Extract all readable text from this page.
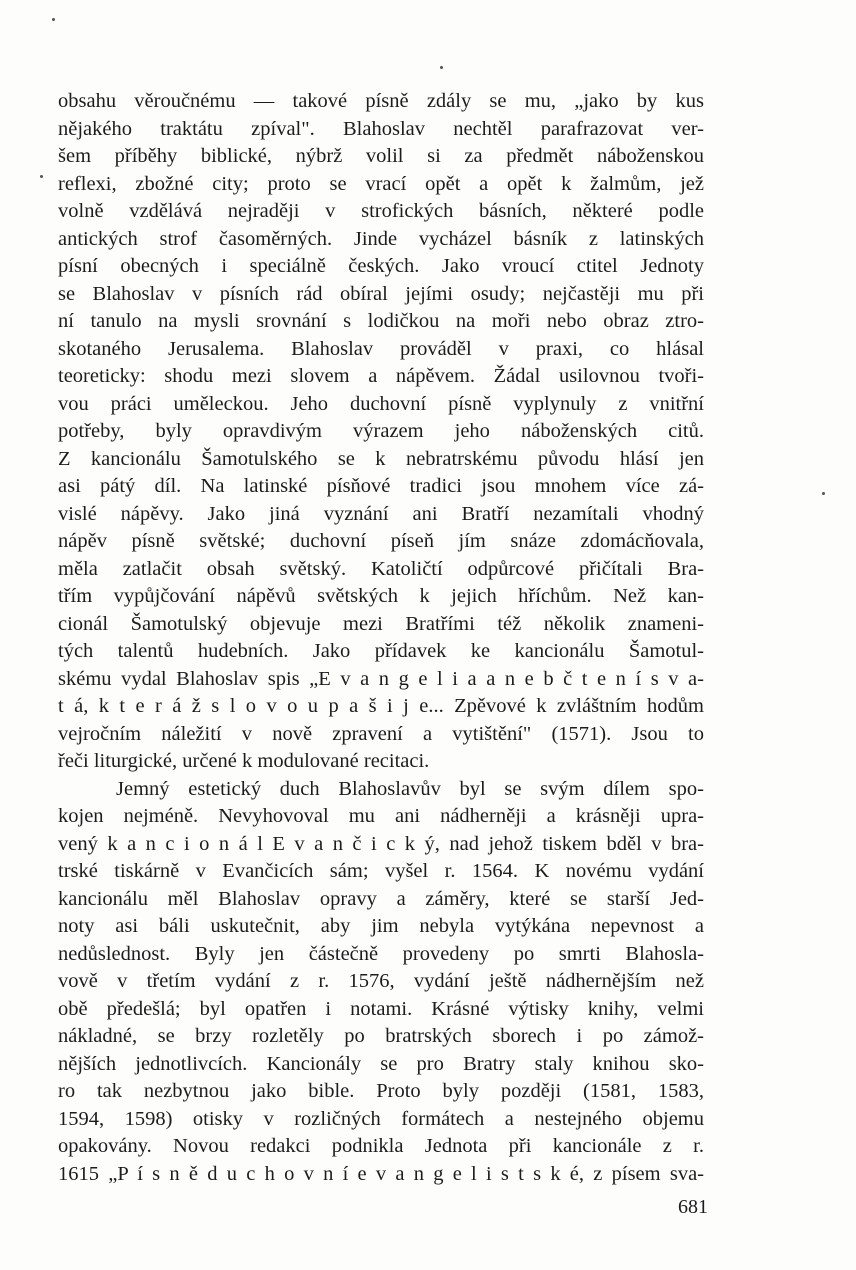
obsahu věroučnému — takové písně zdály se mu, „jako by kus
nějakého traktátu zpíval". Blahoslav nechtěl parafrazovat ver-
šem příběhy biblické, nýbrž volil si za předmět náboženskou
reflexi, zbožné city; proto se vrací opět a opět k žalmům, jež
volně vzdělává nejraději v strofických básních, některé podle
antických strof časoměrných. Jinde vycházel básník z latinských
písní obecných i speciálně českých. Jako vroucí ctitel Jednoty
se Blahoslav v písních rád obíral jejími osudy; nejčastěji mu při
ní tanulo na mysli srovnání s lodičkou na moři nebo obraz ztro-
skotaného Jerusalema. Blahoslav prováděl v praxi, co hlásal
teoreticky: shodu mezi slovem a nápěvem. Žádal usilovnou tvoři-
vou práci uměleckou. Jeho duchovní písně vyplynuly z vnitřní
potřeby, byly opravdivým výrazem jeho náboženských citů.
Z kancionálu Šamotulského se k nebratrskému původu hlásí jen
asi pátý díl. Na latinské písňové tradici jsou mnohem více zá-
vislé nápěvy. Jako jiná vyznání ani Bratří nezamítali vhodný
nápěv písně světské; duchovní píseň jím snáze zdomácňovala,
měla zatlačit obsah světský. Katoličtí odpůrcové přičítali Bra-
třím vypůjčování nápěvů světských k jejich hříchům. Než kan-
cionál Šamotulský objevuje mezi Bratřími též několik znameni-
tých talentů hudebních. Jako přídavek ke kancionálu Šamotul-
skému vydal Blahoslav spis „E v a n g e l i a a n e b č t e n í s v a-
t á, k t e r á ž s l o v o u p a š i j e... Zpěvové k zvláštním hodům
vejročním náležití v nově zpravení a vytištění" (1571). Jsou to
řeči liturgické, určené k modulované recitaci.
Jemný estetický duch Blahoslavův byl se svým dílem spo-
kojen nejméně. Nevyhovoval mu ani nádherněji a krásněji upra-
vený k a n c i o n á l E v a n č i c k ý, nad jehož tiskem bděl v bra-
trské tiskárně v Evančicích sám; vyšel r. 1564. K novému vydání
kancionálu měl Blahoslav opravy a záměry, které se starší Jed-
noty asi báli uskutečnit, aby jim nebyla vytýkána nepevnost a
nedůslednost. Byly jen částečně provedeny po smrti Blahosla-
vově v třetím vydání z r. 1576, vydání ještě nádhernějším než
obě předešlá; byl opatřen i notami. Krásné výtisky knihy, velmi
nákladné, se brzy rozletěly po bratrských sborech i po zámož-
nějších jednotlivcích. Kancionály se pro Bratry staly knihou sko-
ro tak nezbytnou jako bible. Proto byly později (1581, 1583,
1594, 1598) otisky v rozličných formátech a nestejného objemu
opakovány. Novou redakci podnikla Jednota při kancionále z r.
1615 „P í s n ě d u c h o v n í e v a n g e l i s t s k é, z písem sva-
681
